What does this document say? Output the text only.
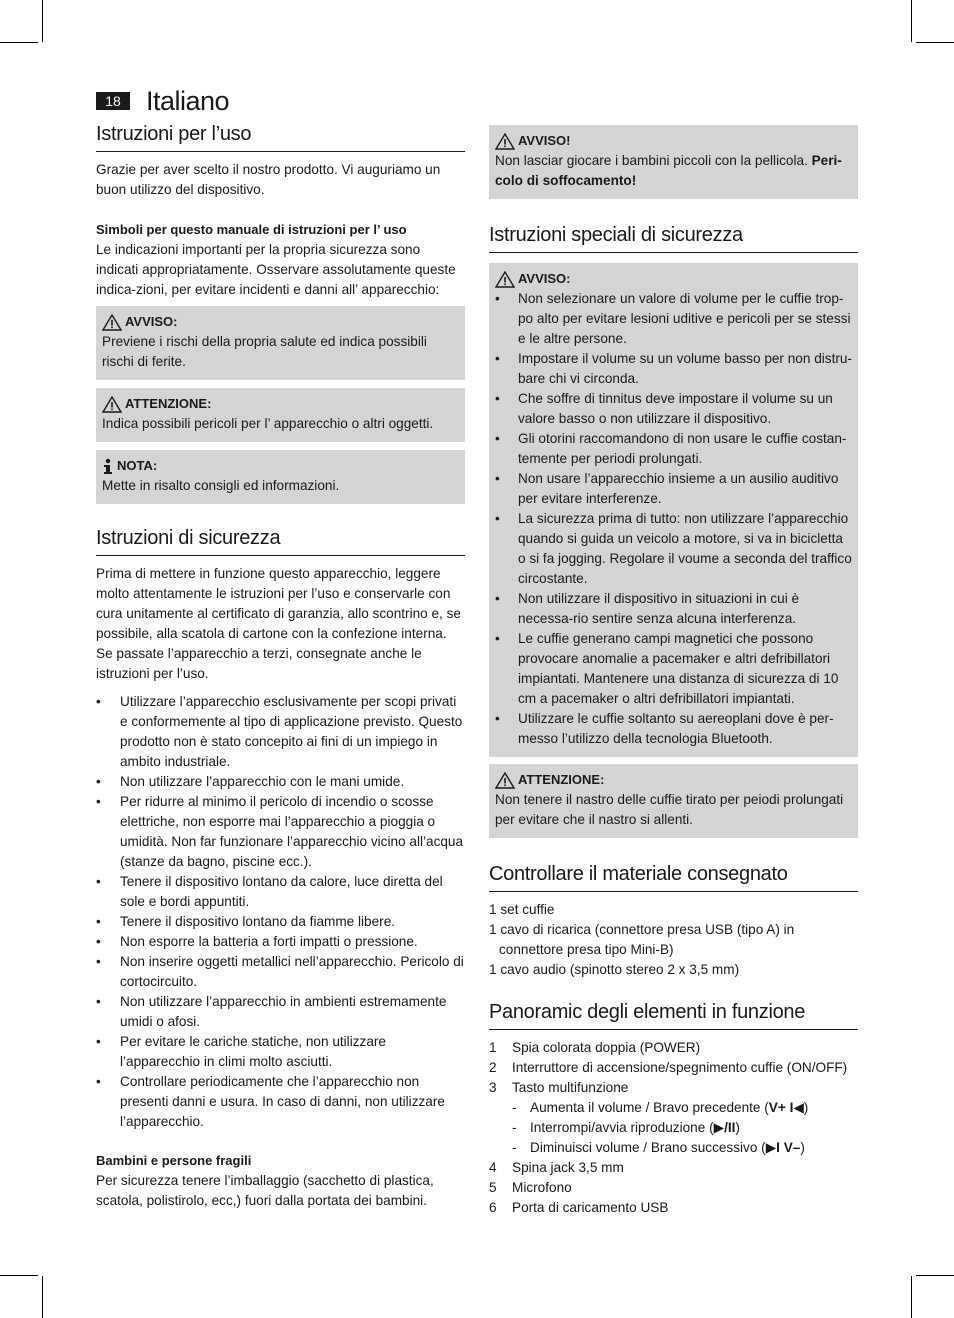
18 Italiano
Istruzioni per l’uso

Grazie per aver scelto il nostro prodotto. Vi auguriamo un buon utilizzo del dispositivo.

Simboli per questo manuale di istruzioni per l’ uso

Le indicazioni importanti per la propria sicurezza sono indicati appropriatamente. Osservare assolutamente queste indica-zioni, per evitare incidenti e danni all’ apparecchio:

AVVISO:

Previene i rischi della propria salute ed indica possibili rischi di ferite.

ATTENZIONE:

Indica possibili pericoli per l’ apparecchio o altri oggetti.

NOTA:

Mette in risalto consigli ed informazioni.

Istruzioni di sicurezza

Prima di mettere in funzione questo apparecchio, leggere molto attentamente le istruzioni per l’uso e conservarle con cura unitamente al certificato di garanzia, allo scontrino e, se possibile, alla scatola di cartone con la confezione interna. Se passate l’apparecchio a terzi, consegnate anche le istruzioni per l’uso.

• Utilizzare l’apparecchio esclusivamente per scopi privati e conformemente al tipo di applicazione previsto. Questo prodotto non è stato concepito ai fini di un impiego in ambito industriale.
• Non utilizzare l’apparecchio con le mani umide.
• Per ridurre al minimo il pericolo di incendio o scosse elettriche, non esporre mai l’apparecchio a pioggia o umidità. Non far funzionare l’apparecchio vicino all’acqua (stanze da bagno, piscine ecc.).
• Tenere il dispositivo lontano da calore, luce diretta del sole e bordi appuntiti.
• Tenere il dispositivo lontano da fiamme libere.
• Non esporre la batteria a forti impatti o pressione.
• Non inserire oggetti metallici nell’apparecchio. Pericolo di cortocircuito.
• Non utilizzare l’apparecchio in ambienti estremamente umidi o afosi.
• Per evitare le cariche statiche, non utilizzare l’apparecchio in climi molto asciutti.
• Controllare periodicamente che l’apparecchio non presenti danni e usura. In caso di danni, non utilizzare l’apparecchio.

Bambini e persone fragili

Per sicurezza tenere l’imballaggio (sacchetto di plastica, scatola, polistirolo, ecc,) fuori dalla portata dei bambini.

AVVISO!

Non lasciar giocare i bambini piccoli con la pellicola. Peri-colo di soffocamento!

Istruzioni speciali di sicurezza
AVVISO:
• Non selezionare un valore di volume per le cuffie trop-po alto per evitare lesioni uditive e pericoli per se stessi e le altre persone.
• Impostare il volume su un volume basso per non distru-bare chi vi circonda.
• Che soffre di tinnitus deve impostare il volume su un valore basso o non utilizzare il dispositivo.
• Gli otorini raccomandono di non usare le cuffie costan-temente per periodi prolungati.
• Non usare l’apparecchio insieme a un ausilio auditivo per evitare interferenze.
• La sicurezza prima di tutto: non utilizzare l’apparecchio quando si guida un veicolo a motore, si va in bicicletta o si fa jogging. Regolare il voume a seconda del traffico circostante.
• Non utilizzare il dispositivo in situazioni in cui è necessa-rio sentire senza alcuna interferenza.
• Le cuffie generano campi magnetici che possono provocare anomalie a pacemaker e altri defribillatori impiantati. Mantenere una distanza di sicurezza di 10 cm a pacemaker o altri defribillatori impiantati.
• Utilizzare le cuffie soltanto su aereoplani dove è per-messo l’utilizzo della tecnologia Bluetooth.
ATTENZIONE:

Non tenere il nastro delle cuffie tirato per peiodi prolungati per evitare che il nastro si allenti.

Controllare il materiale consegnato

1 set cuffie

1 cavo di ricarica (connettore presa USB (tipo A) in connettore presa tipo Mini-B)

1 cavo audio (spinotto stereo 2 x 3,5 mm)

Panoramic degli elementi in funzione
1	Spia colorata doppia (POWER)
2	Interruttore di accensione/spegnimento cuffie (ON/OFF)
3	Tasto multifunzione
- Aumenta il volume / Bravo precedente (V+ I◀)
- Interrompi/avvia riproduzione (▶/II)
- Diminuisci volume / Brano successivo (▶I V–)
4	Spina jack 3,5 mm
5	Microfono
6	Porta di caricamento USB
